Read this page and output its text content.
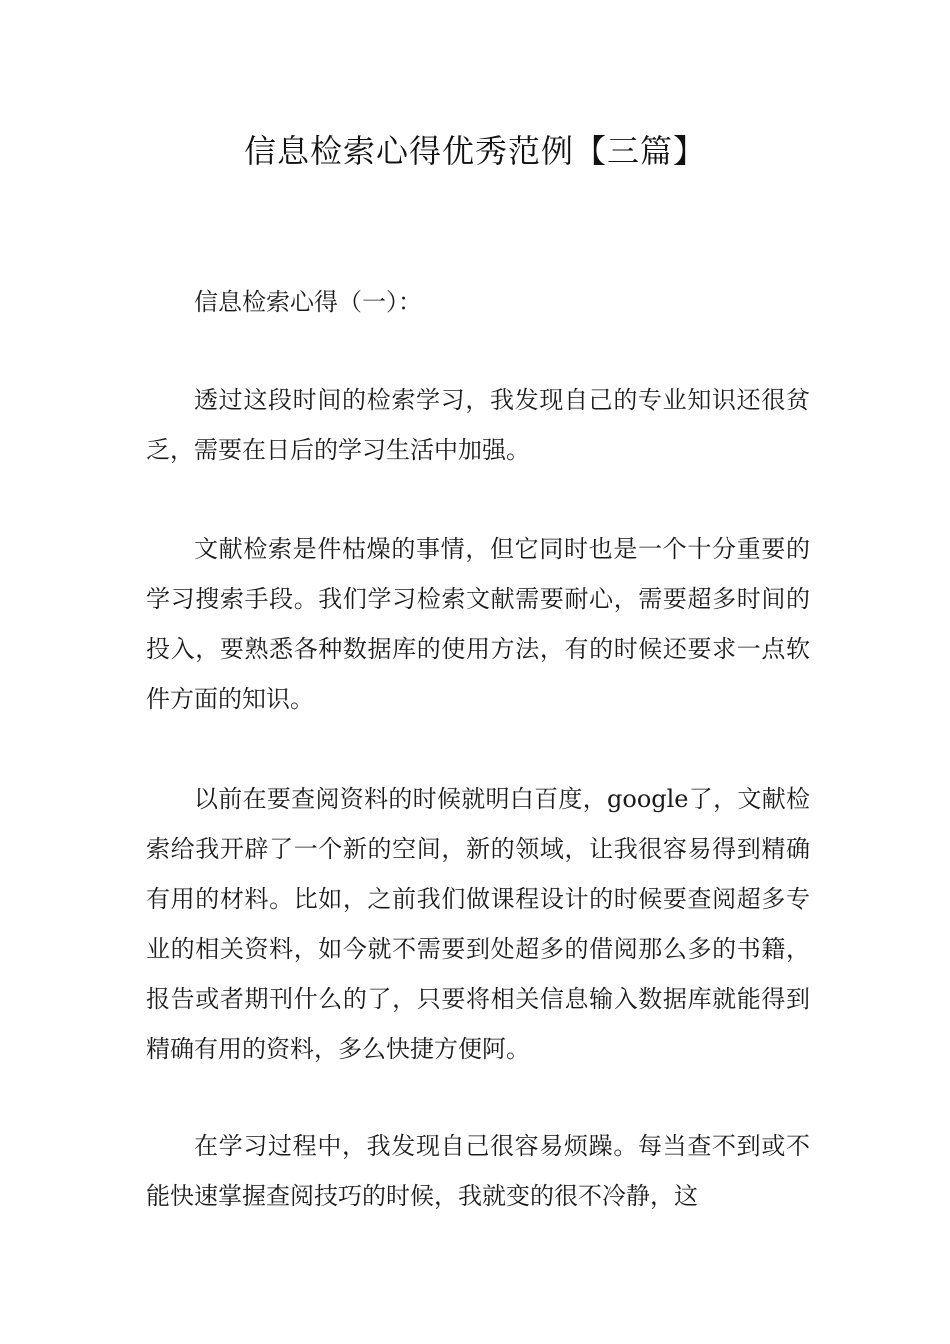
信息检索心得优秀范例【三篇】

信息检索心得（一）：

透过这段时间的检索学习，我发现自己的专业知识还很贫乏，需要在日后的学习生活中加强。

文献检索是件枯燥的事情，但它同时也是一个十分重要的学习搜索手段。我们学习检索文献需要耐心，需要超多时间的投入，要熟悉各种数据库的使用方法，有的时候还要求一点软件方面的知识。

以前在要查阅资料的时候就明白百度，google了，文献检索给我开辟了一个新的空间，新的领域，让我很容易得到精确有用的材料。比如，之前我们做课程设计的时候要查阅超多专业的相关资料，如今就不需要到处超多的借阅那么多的书籍，报告或者期刊什么的了，只要将相关信息输入数据库就能得到精确有用的资料，多么快捷方便阿。

在学习过程中，我发现自己很容易烦躁。每当查不到或不能快速掌握查阅技巧的时候，我就变的很不冷静，这
